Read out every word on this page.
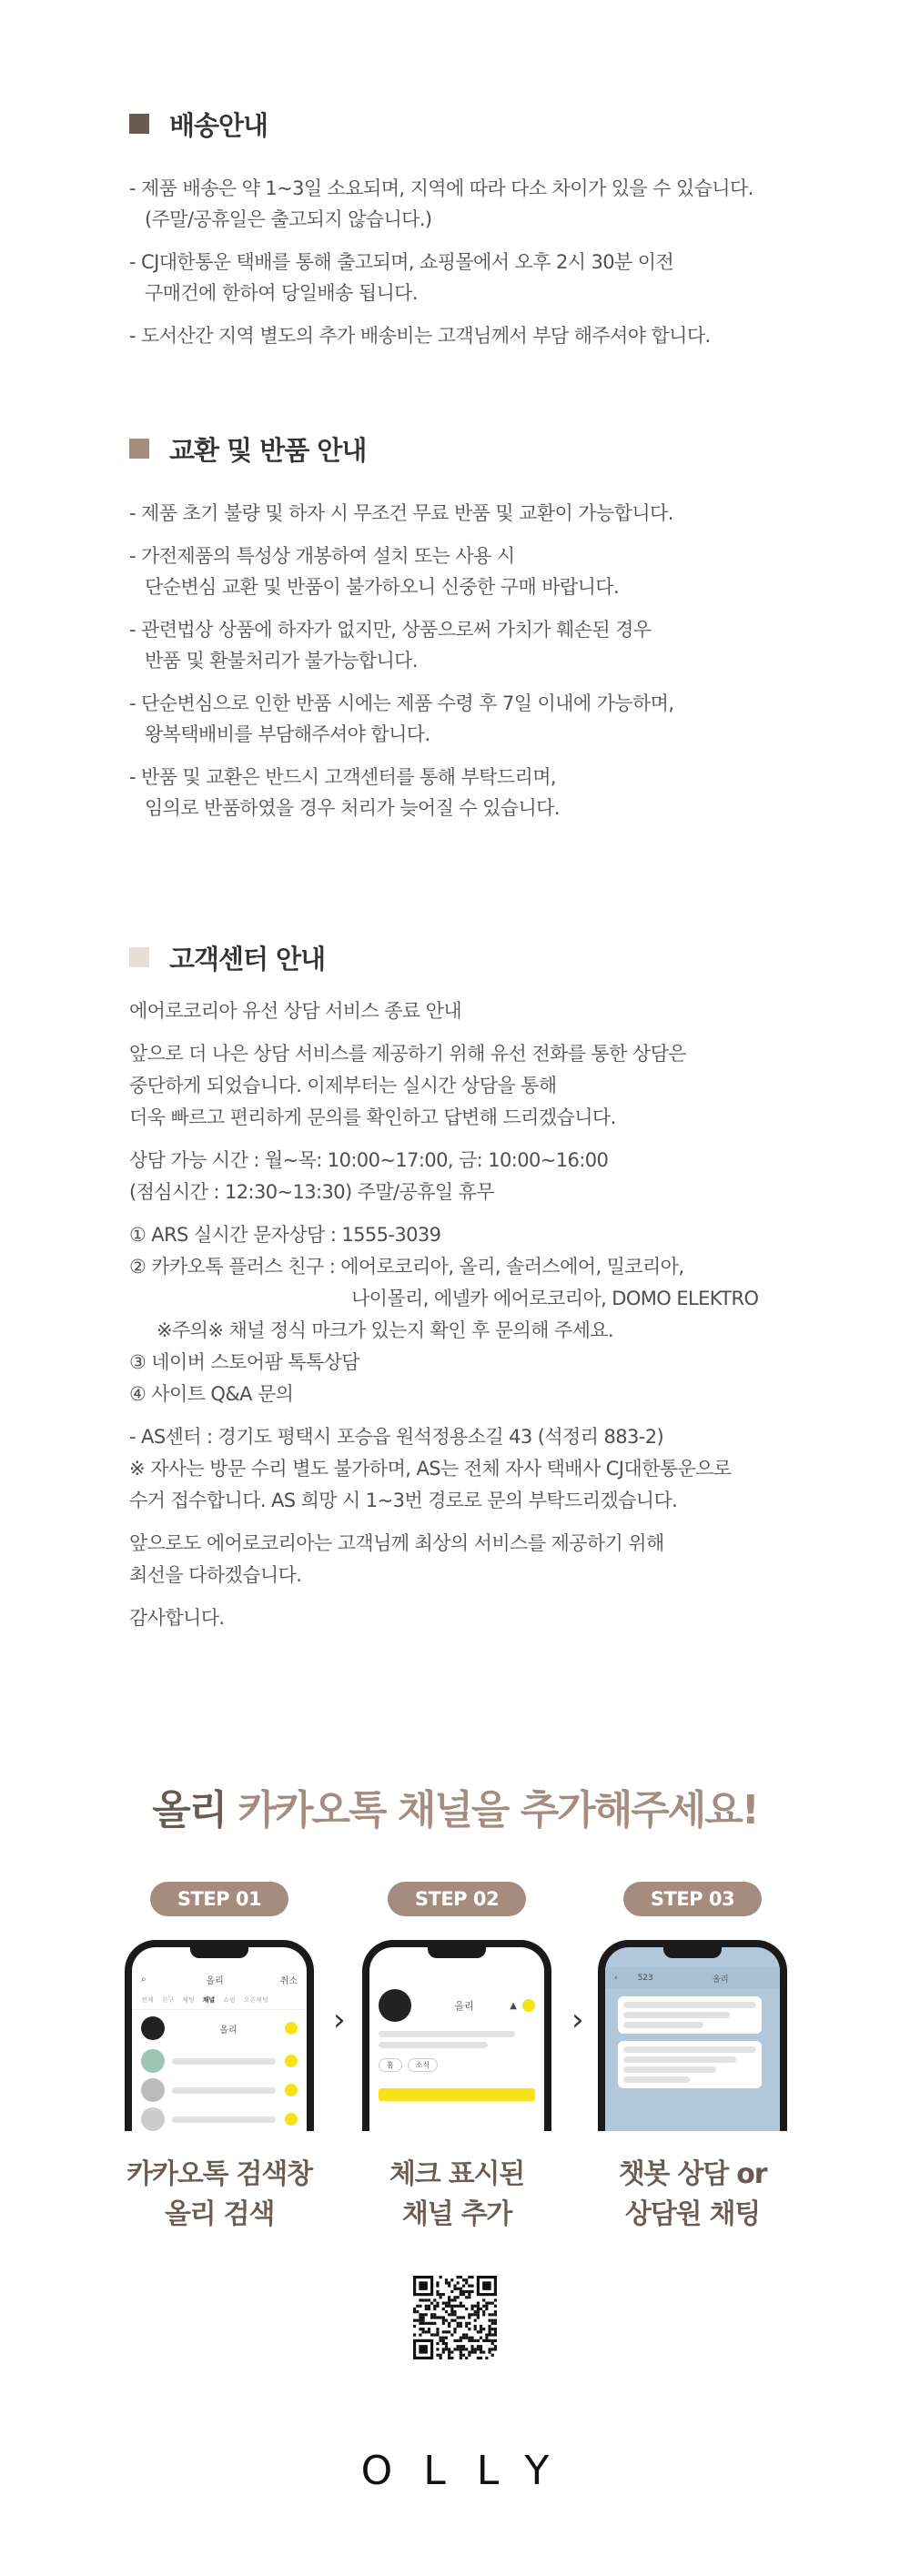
배송안내
- 제품 배송은 약 1~3일 소요되며, 지역에 따라 다소 차이가 있을 수 있습니다.
(주말/공휴일은 출고되지 않습니다.)
- CJ대한통운 택배를 통해 출고되며, 쇼핑몰에서 오후 2시 30분 이전
구매건에 한하여 당일배송 됩니다.
- 도서산간 지역 별도의 추가 배송비는 고객님께서 부담 해주셔야 합니다.
교환 및 반품 안내
- 제품 초기 불량 및 하자 시 무조건 무료 반품 및 교환이 가능합니다.
- 가전제품의 특성상 개봉하여 설치 또는 사용 시
단순변심 교환 및 반품이 불가하오니 신중한 구매 바랍니다.
- 관련법상 상품에 하자가 없지만, 상품으로써 가치가 훼손된 경우
반품 및 환불처리가 불가능합니다.
- 단순변심으로 인한 반품 시에는 제품 수령 후 7일 이내에 가능하며,
왕복택배비를 부담해주셔야 합니다.
- 반품 및 교환은 반드시 고객센터를 통해 부탁드리며,
임의로 반품하였을 경우 처리가 늦어질 수 있습니다.
고객센터 안내
에어로코리아 유선 상담 서비스 종료 안내
앞으로 더 나은 상담 서비스를 제공하기 위해 유선 전화를 통한 상담은
중단하게 되었습니다. 이제부터는 실시간 상담을 통해
더욱 빠르고 편리하게 문의를 확인하고 답변해 드리겠습니다.
상담 가능 시간 : 월~목: 10:00~17:00, 금: 10:00~16:00
(점심시간 : 12:30~13:30) 주말/공휴일 휴무
① ARS 실시간 문자상담 : 1555-3039
② 카카오톡 플러스 친구 : 에어로코리아, 올리, 솔러스에어, 밀코리아,
나이몰리, 에넬카 에어로코리아, DOMO ELEKTRO
※주의※ 채널 정식 마크가 있는지 확인 후 문의해 주세요.
③ 네이버 스토어팜 톡톡상담
④ 사이트 Q&A 문의
- AS센터 : 경기도 평택시 포승읍 원석정용소길 43 (석정리 883-2)
※ 자사는 방문 수리 별도 불가하며, AS는 전체 자사 택배사 CJ대한통운으로
수거 접수합니다. AS 희망 시 1~3번 경로로 문의 부탁드리겠습니다.
앞으로도 에어로코리아는 고객님께 최상의 서비스를 제공하기 위해
최선을 다하겠습니다.
감사합니다.
올리 카카오톡 채널을 추가해주세요!
STEP 01
⌕	올리	취소
전체 친구 채팅 채널 쇼핑 오픈채팅
올리
카카오톡 검색창
올리 검색
STEP 02
올리	▲
홈	소식
체크 표시된
채널 추가
STEP 03
‹	523	올리
챗봇 상담 or
상담원 채팅
›	›
OLLY
